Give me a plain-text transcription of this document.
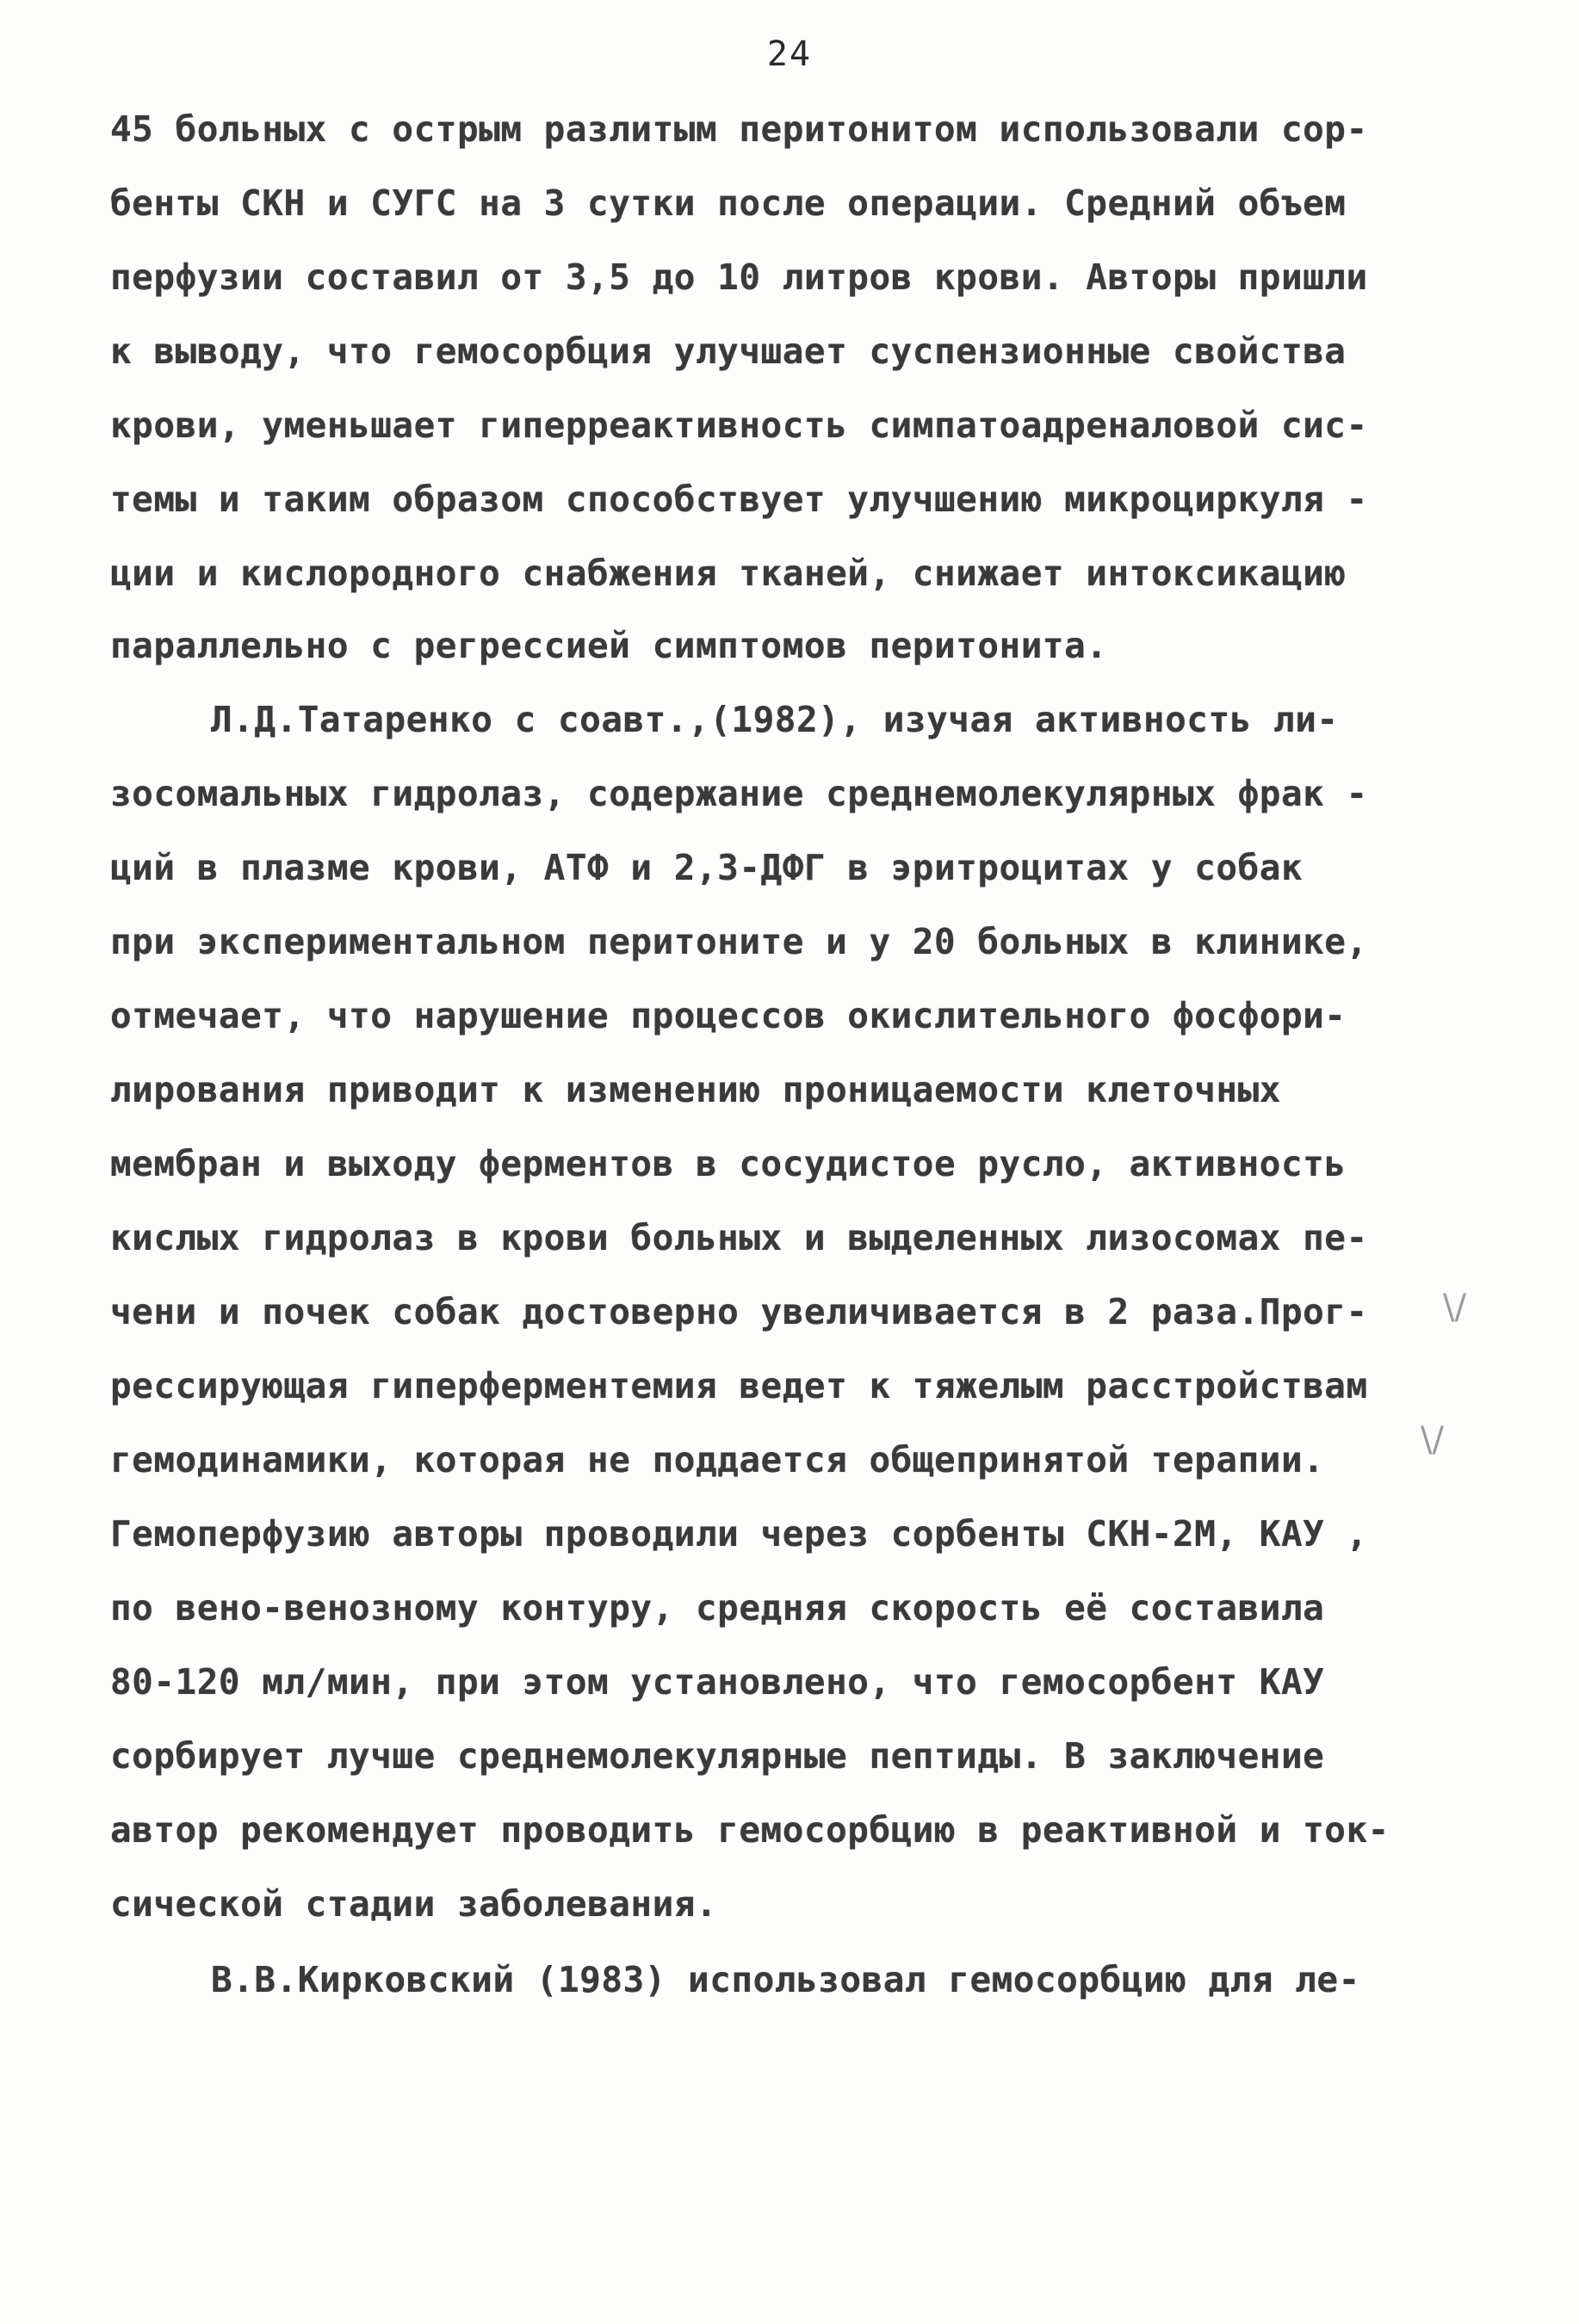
24
45 больных с острым разлитым перитонитом использовали сор-
бенты СКН и СУГС на 3 сутки после операции. Средний объем
перфузии составил от 3,5 до 10 литров крови. Авторы пришли
к выводу, что гемосорбция улучшает суспензионные свойства
крови, уменьшает гиперреактивность симпатоадреналовой сис-
темы и таким образом способствует улучшению микроциркуля -
ции и кислородного снабжения тканей, снижает интоксикацию
параллельно с регрессией симптомов перитонита.
Л.Д.Татаренко с соавт.,(1982), изучая активность ли-
зосомальных гидролаз, содержание среднемолекулярных фрак -
ций в плазме крови, АТФ и 2,3-ДФГ в эритроцитах у собак
при экспериментальном перитоните и у 20 больных в клинике,
отмечает, что нарушение процессов окислительного фосфори-
лирования приводит к изменению проницаемости клеточных
мембран и выходу ферментов в сосудистое русло, активность
кислых гидролаз в крови больных и выделенных лизосомах пе-
чени и почек собак достоверно увеличивается в 2 раза.Прог-
рессирующая гиперферментемия ведет к тяжелым расстройствам
гемодинамики, которая не поддается общепринятой терапии.
Гемоперфузию авторы проводили через сорбенты СКН-2М, КАУ ,
по вено-венозному контуру, средняя скорость её составила
80-120 мл/мин, при этом установлено, что гемосорбент КАУ
сорбирует лучше среднемолекулярные пептиды. В заключение
автор рекомендует проводить гемосорбцию в реактивной и ток-
сической стадии заболевания.
В.В.Кирковский (1983) использовал гемосорбцию для ле-
\/
\/
